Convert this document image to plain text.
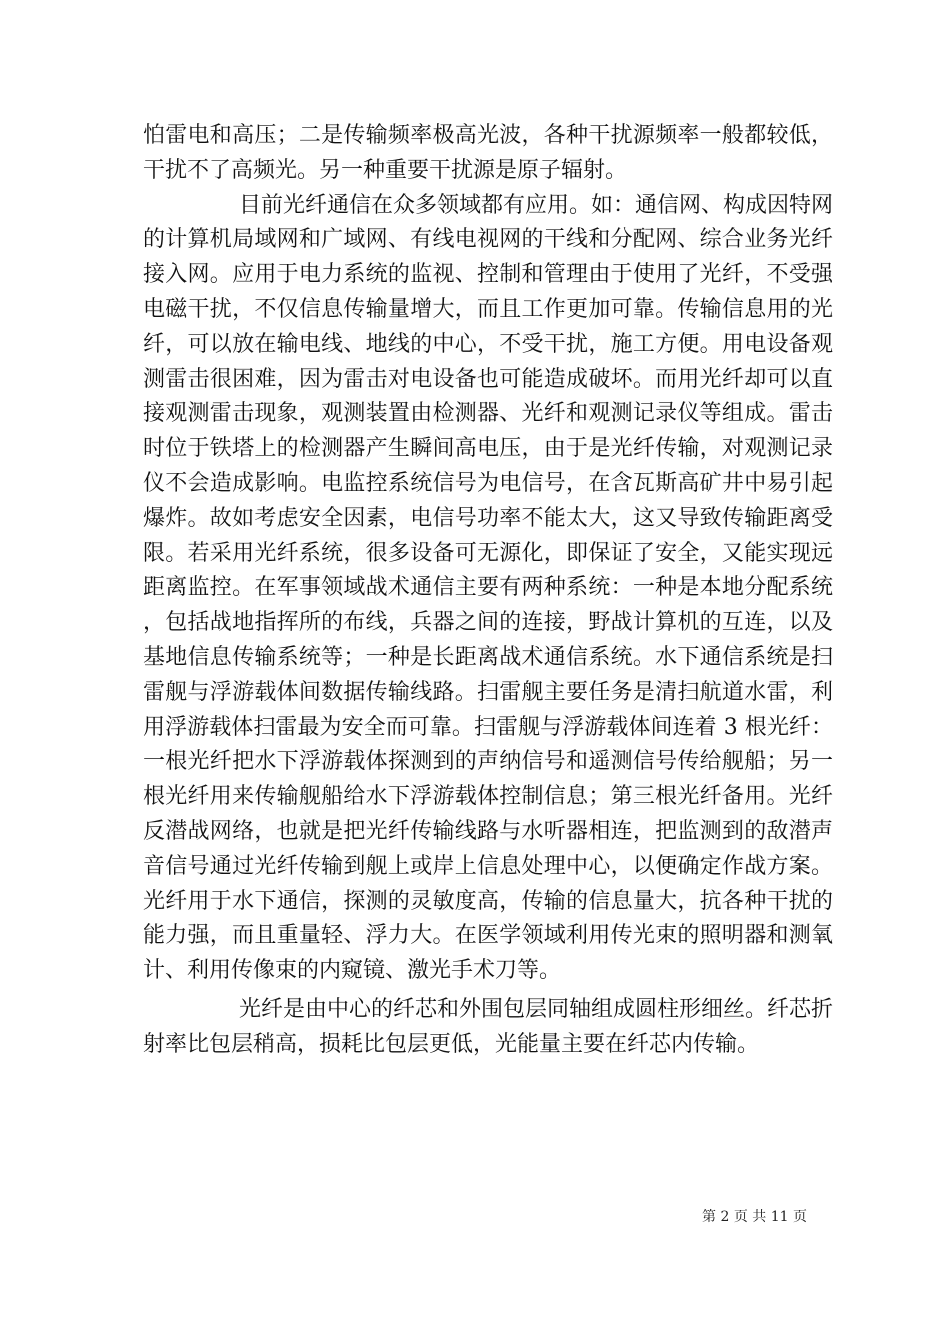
怕雷电和高压；二是传输频率极高光波，各种干扰源频率一般都较低，干扰不了高频光。另一种重要干扰源是原子辐射。

目前光纤通信在众多领域都有应用。如：通信网、构成因特网的计算机局域网和广域网、有线电视网的干线和分配网、综合业务光纤接入网。应用于电力系统的监视、控制和管理由于使用了光纤，不受强电磁干扰，不仅信息传输量增大，而且工作更加可靠。传输信息用的光纤，可以放在输电线、地线的中心，不受干扰，施工方便。用电设备观测雷击很困难，因为雷击对电设备也可能造成破坏。而用光纤却可以直接观测雷击现象，观测装置由检测器、光纤和观测记录仪等组成。雷击时位于铁塔上的检测器产生瞬间高电压，由于是光纤传输，对观测记录仪不会造成影响。电监控系统信号为电信号，在含瓦斯高矿井中易引起爆炸。故如考虑安全因素，电信号功率不能太大，这又导致传输距离受限。若采用光纤系统，很多设备可无源化，即保证了安全，又能实现远距离监控。在军事领域战术通信主要有两种系统：一种是本地分配系统，包括战地指挥所的布线，兵器之间的连接，野战计算机的互连，以及基地信息传输系统等；一种是长距离战术通信系统。水下通信系统是扫雷舰与浮游载体间数据传输线路。扫雷舰主要任务是清扫航道水雷，利用浮游载体扫雷最为安全而可靠。扫雷舰与浮游载体间连着 3 根光纤：一根光纤把水下浮游载体探测到的声纳信号和遥测信号传给舰船；另一根光纤用来传输舰船给水下浮游载体控制信息；第三根光纤备用。光纤反潜战网络，也就是把光纤传输线路与水听器相连，把监测到的敌潜声音信号通过光纤传输到舰上或岸上信息处理中心，以便确定作战方案。光纤用于水下通信，探测的灵敏度高，传输的信息量大，抗各种干扰的能力强，而且重量轻、浮力大。在医学领域利用传光束的照明器和测氧计、利用传像束的内窥镜、激光手术刀等。

光纤是由中心的纤芯和外围包层同轴组成圆柱形细丝。纤芯折射率比包层稍高，损耗比包层更低，光能量主要在纤芯内传输。

第 2 页 共 11 页
